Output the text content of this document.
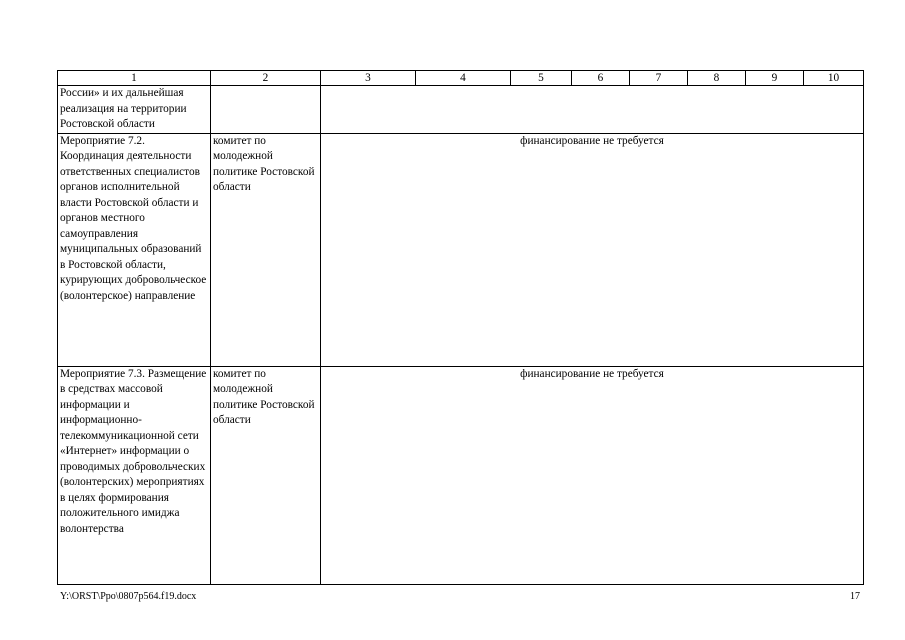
1	2	3	4	5	6	7	8	9	10
России» и их дальнейшая реализация на территории Ростовской области									
Мероприятие 7.2. Координация деятельности ответственных специалистов органов исполнительной власти Ростовской области и органов местного самоуправления муниципальных образований в Ростовской области, курирующих добровольческое (волонтерское) направление	комитет по молодежной политике Ростовской области	финансирование не требуется							
Мероприятие 7.3. Размещение в средствах массовой информации и информационно-телекоммуникационной сети «Интернет» информации о проводимых добровольческих (волонтерских) мероприятиях в целях формирования положительного имиджа волонтерства	комитет по молодежной политике Ростовской области	финансирование не требуется							
Y:\ORST\Ppo\0807p564.f19.docx	17
